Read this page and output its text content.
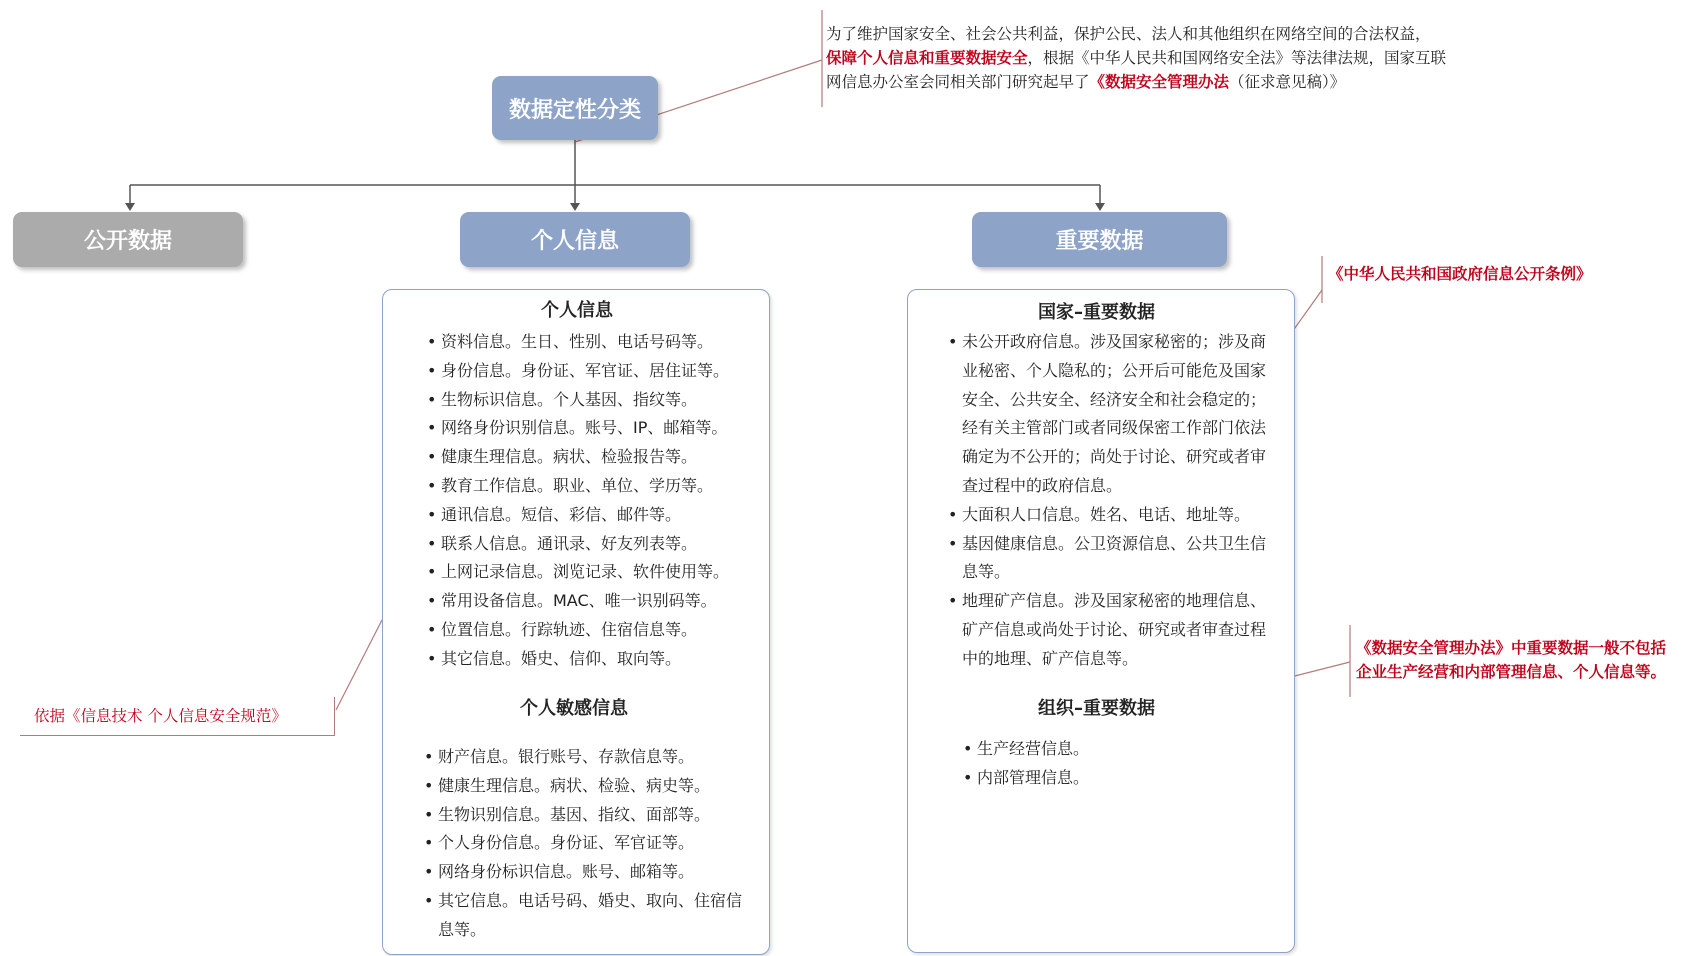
数据定性分类
公开数据	个人信息	重要数据
个人信息
• 资料信息。生日、性别、电话号码等。
• 身份信息。身份证、军官证、居住证等。
• 生物标识信息。个人基因、指纹等。
• 网络身份识别信息。账号、IP、邮箱等。
• 健康生理信息。病状、检验报告等。
• 教育工作信息。职业、单位、学历等。
• 通讯信息。短信、彩信、邮件等。
• 联系人信息。通讯录、好友列表等。
• 上网记录信息。浏览记录、软件使用等。
• 常用设备信息。MAC、唯一识别码等。
• 位置信息。行踪轨迹、住宿信息等。
• 其它信息。婚史、信仰、取向等。
个人敏感信息
• 财产信息。银行账号、存款信息等。
• 健康生理信息。病状、检验、病史等。
• 生物识别信息。基因、指纹、面部等。
• 个人身份信息。身份证、军官证等。
• 网络身份标识信息。账号、邮箱等。
• 其它信息。电话号码、婚史、取向、住宿信息等。
国家–重要数据
• 未公开政府信息。涉及国家秘密的；涉及商业秘密、个人隐私的；公开后可能危及国家安全、公共安全、经济安全和社会稳定的；经有关主管部门或者同级保密工作部门依法确定为不公开的；尚处于讨论、研究或者审查过程中的政府信息。
• 大面积人口信息。姓名、电话、地址等。
• 基因健康信息。公卫资源信息、公共卫生信息等。
• 地理矿产信息。涉及国家秘密的地理信息、矿产信息或尚处于讨论、研究或者审查过程中的地理、矿产信息等。
组织–重要数据
• 生产经营信息。
• 内部管理信息。
为了维护国家安全、社会公共利益，保护公民、法人和其他组织在网络空间的合法权益，
保障个人信息和重要数据安全，根据《中华人民共和国网络安全法》等法律法规，国家互联
网信息办公室会同相关部门研究起早了《数据安全管理办法（征求意见稿）》
依据《信息技术 个人信息安全规范》
《中华人民共和国政府信息公开条例》
《数据安全管理办法》中重要数据一般不包括
企业生产经营和内部管理信息、个人信息等。
